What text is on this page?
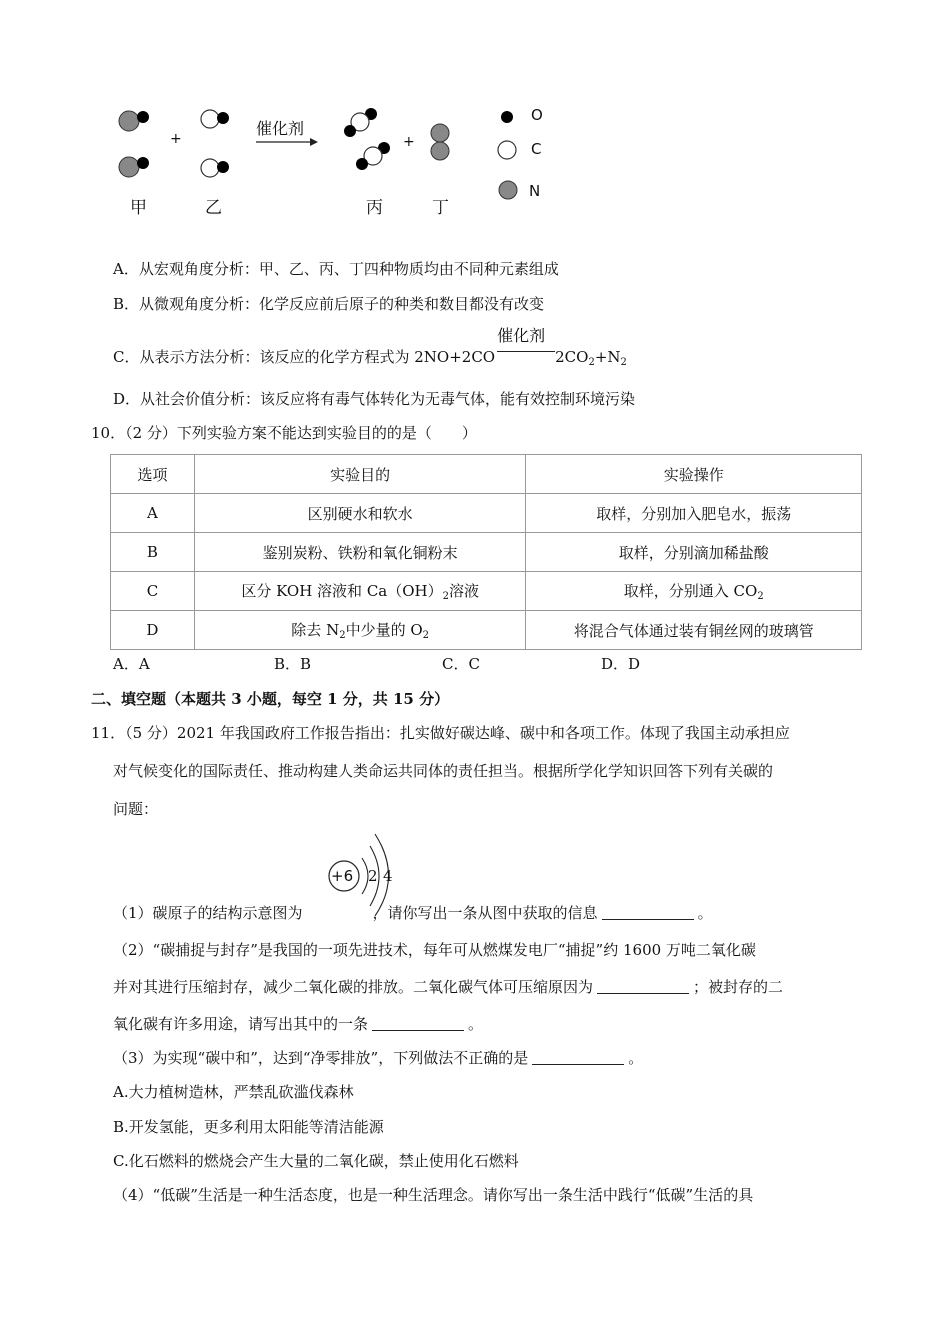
催化剂
+	+
甲	乙	丙	丁
O
C
N
A．从宏观角度分析：甲、乙、丙、丁四种物质均由不同种元素组成
B．从微观角度分析：化学反应前后原子的种类和数目都没有改变
C．从表示方法分析：该反应的化学方程式为 2NO+2CO
催化剂
$2CO_2+N_2$
D．从社会价值分析：该反应将有毒气体转化为无毒气体，能有效控制环境污染
10．（2 分）下列实验方案不能达到实验目的的是（　　）
选项	实验目的	实验操作
A	区别硬水和软水	取样，分别加入肥皂水，振荡
B	鉴别炭粉、铁粉和氧化铜粉末	取样，分别滴加稀盐酸
C	区分 KOH 溶液和 $Ca(OH)_2$溶液	取样，分别通入 $CO_2$
D	除去 $N_2$中少量的 $O_2$	将混合气体通过装有铜丝网的玻璃管
A．A	B．B	C．C	D．D
二、填空题（本题共 3 小题，每空 1 分，共 15 分）
11．（5 分）2021 年我国政府工作报告指出：扎实做好碳达峰、碳中和各项工作。体现了我国主动承担应
对气候变化的国际责任、推动构建人类命运共同体的责任担当。根据所学化学知识回答下列有关碳的
问题：
+6 2 4
（1）碳原子的结构示意图为	，请你写出一条从图中获取的信息	。
（2）“碳捕捉与封存”是我国的一项先进技术，每年可从燃煤发电厂“捕捉”约 1600 万吨二氧化碳
并对其进行压缩封存，减少二氧化碳的排放。二氧化碳气体可压缩原因为	；被封存的二
氧化碳有许多用途，请写出其中的一条	。
（3）为实现“碳中和”，达到“净零排放”，下列做法不正确的是	。
A.大力植树造林，严禁乱砍滥伐森林
B.开发氢能，更多利用太阳能等清洁能源
C.化石燃料的燃烧会产生大量的二氧化碳，禁止使用化石燃料
（4）“低碳”生活是一种生活态度，也是一种生活理念。请你写出一条生活中践行“低碳”生活的具
